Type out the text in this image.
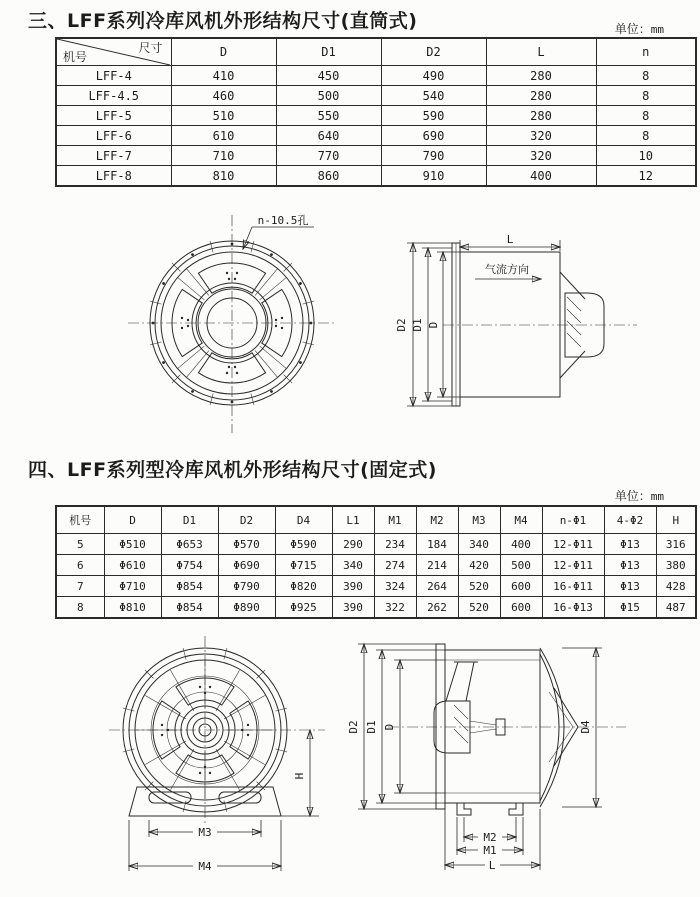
三、LFF系列冷库风机外形结构尺寸(直筒式)	单位：mm
尺寸
机号	D	D1	D2	L	n
LFF-4	410	450	490	280	8
LFF-4.5	460	500	540	280	8
LFF-5	510	550	590	280	8
LFF-6	610	640	690	320	8
LFF-7	710	770	790	320	10
LFF-8	810	860	910	400	12
n-10.5孔
L
气流方向
D2 D1 D
四、LFF系列型冷库风机外形结构尺寸(固定式)
单位：mm
机号	D	D1	D2	D4	L1	M1	M2	M3	M4	n-Φ1	4-Φ2	H
5	Φ510	Φ653	Φ570	Φ590	290	234	184	340	400	12-Φ11	Φ13	316
6	Φ610	Φ754	Φ690	Φ715	340	274	214	420	500	12-Φ11	Φ13	380
7	Φ710	Φ854	Φ790	Φ820	390	324	264	520	600	16-Φ11	Φ13	428
8	Φ810	Φ854	Φ890	Φ925	390	322	262	520	600	16-Φ13	Φ15	487
H
M3
M4
D2 D1 D	D4
M2
M1
L
